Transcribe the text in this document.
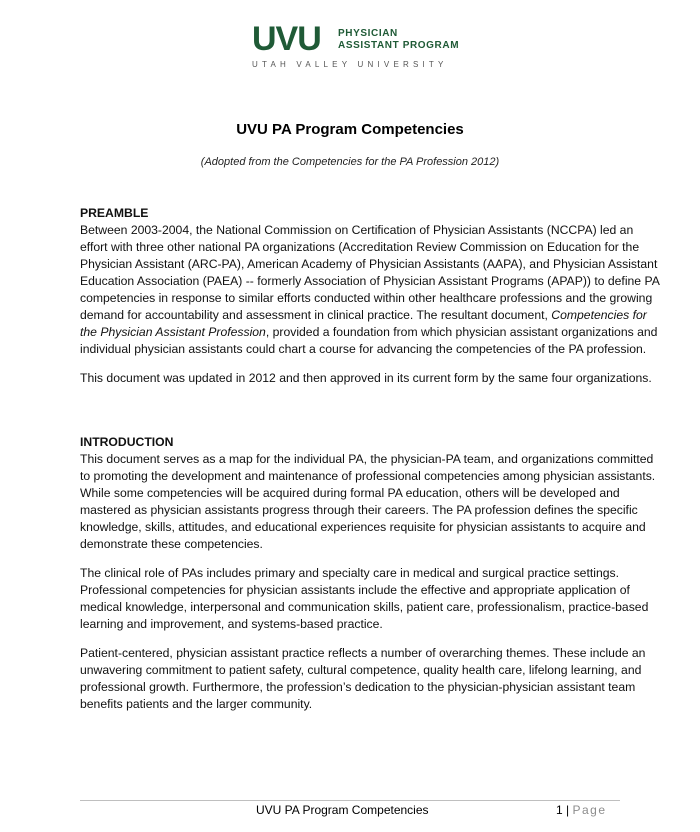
UVU PHYSICIAN
ASSISTANT PROGRAM
UTAH VALLEY UNIVERSITY
UVU PA Program Competencies
(Adopted from the Competencies for the PA Profession 2012)

PREAMBLE

Between 2003-2004, the National Commission on Certification of Physician Assistants (NCCPA) led an effort with three other national PA organizations (Accreditation Review Commission on Education for the Physician Assistant (ARC-PA), American Academy of Physician Assistants (AAPA), and Physician Assistant Education Association (PAEA) -- formerly Association of Physician Assistant Programs (APAP)) to define PA competencies in response to similar efforts conducted within other healthcare professions and the growing demand for accountability and assessment in clinical practice. The resultant document, Competencies for the Physician Assistant Profession, provided a foundation from which physician assistant organizations and individual physician assistants could chart a course for advancing the competencies of the PA profession.

This document was updated in 2012 and then approved in its current form by the same four organizations.

INTRODUCTION

This document serves as a map for the individual PA, the physician-PA team, and organizations committed to promoting the development and maintenance of professional competencies among physician assistants. While some competencies will be acquired during formal PA education, others will be developed and mastered as physician assistants progress through their careers. The PA profession defines the specific knowledge, skills, attitudes, and educational experiences requisite for physician assistants to acquire and demonstrate these competencies.

The clinical role of PAs includes primary and specialty care in medical and surgical practice settings. Professional competencies for physician assistants include the effective and appropriate application of medical knowledge, interpersonal and communication skills, patient care, professionalism, practice-based learning and improvement, and systems-based practice.

Patient-centered, physician assistant practice reflects a number of overarching themes. These include an unwavering commitment to patient safety, cultural competence, quality health care, lifelong learning, and professional growth. Furthermore, the profession’s dedication to the physician-physician assistant team benefits patients and the larger community.

UVU PA Program Competencies	1 | Page
